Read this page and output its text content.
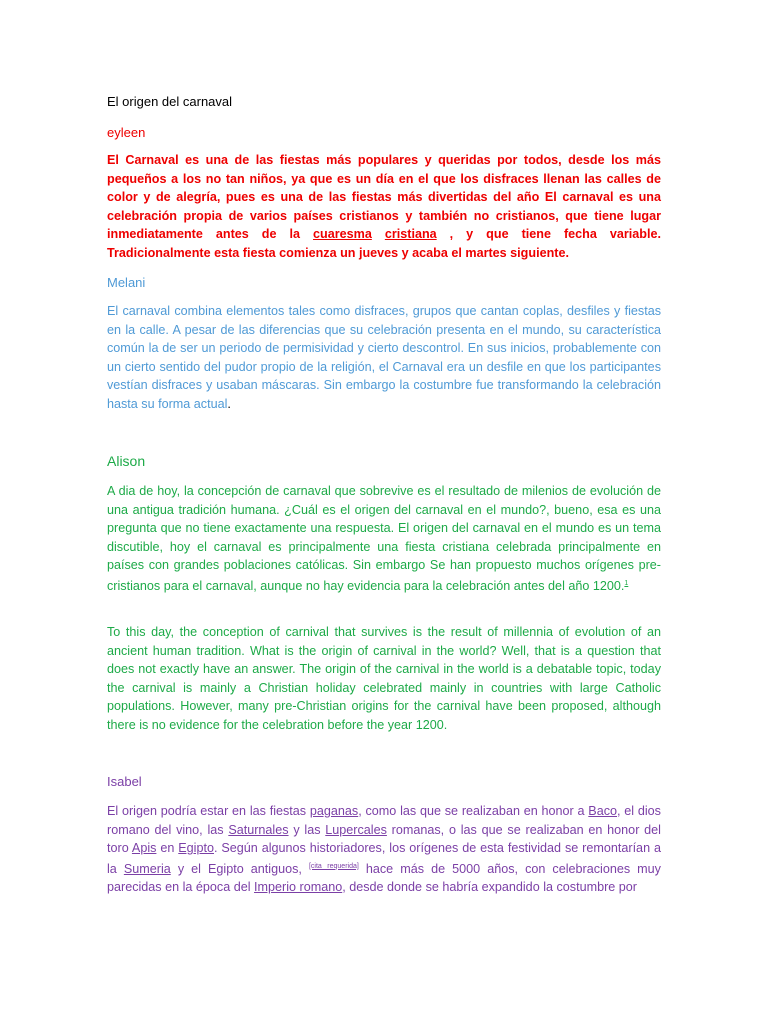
El origen del carnaval
eyleen

El Carnaval es una de las fiestas más populares y queridas por todos, desde los más pequeños a los no tan niños, ya que es un día en el que los disfraces llenan las calles de color y de alegría, pues es una de las fiestas más divertidas del año El carnaval es una celebración propia de varios países cristianos y también no cristianos, que tiene lugar inmediatamente antes de la cuaresma cristiana , y que tiene fecha variable. Tradicionalmente esta fiesta comienza un jueves y acaba el martes siguiente.

Melani

El carnaval combina elementos tales como disfraces, grupos que cantan coplas, desfiles y fiestas en la calle. A pesar de las diferencias que su celebración presenta en el mundo, su característica común la de ser un periodo de permisividad y cierto descontrol. En sus inicios, probablemente con un cierto sentido del pudor propio de la religión, el Carnaval era un desfile en que los participantes vestían disfraces y usaban máscaras. Sin embargo la costumbre fue transformando la celebración hasta su forma actual.

Alison

A dia de hoy, la concepción de carnaval que sobrevive es el resultado de milenios de evolución de una antigua tradición humana. ¿Cuál es el origen del carnaval en el mundo?, bueno, esa es una pregunta que no tiene exactamente una respuesta. El origen del carnaval en el mundo es un tema discutible, hoy el carnaval es principalmente una fiesta cristiana celebrada principalmente en países con grandes poblaciones católicas. Sin embargo Se han propuesto muchos orígenes pre-cristianos para el carnaval, aunque no hay evidencia para la celebración antes del año 1200.$^1$

To this day, the conception of carnival that survives is the result of millennia of evolution of an ancient human tradition. What is the origin of carnival in the world? Well, that is a question that does not exactly have an answer. The origin of the carnival in the world is a debatable topic, today the carnival is mainly a Christian holiday celebrated mainly in countries with large Catholic populations. However, many pre-Christian origins for the carnival have been proposed, although there is no evidence for the celebration before the year 1200.

Isabel

El origen podría estar en las fiestas paganas, como las que se realizaban en honor a Baco, el dios romano del vino, las Saturnales y las Lupercales romanas, o las que se realizaban en honor del toro Apis en Egipto. Según algunos historiadores, los orígenes de esta festividad se remontarían a la Sumeria y el Egipto antiguos, [cita requerida] hace más de 5000 años, con celebraciones muy parecidas en la época del Imperio romano, desde donde se habría expandido la costumbre por
